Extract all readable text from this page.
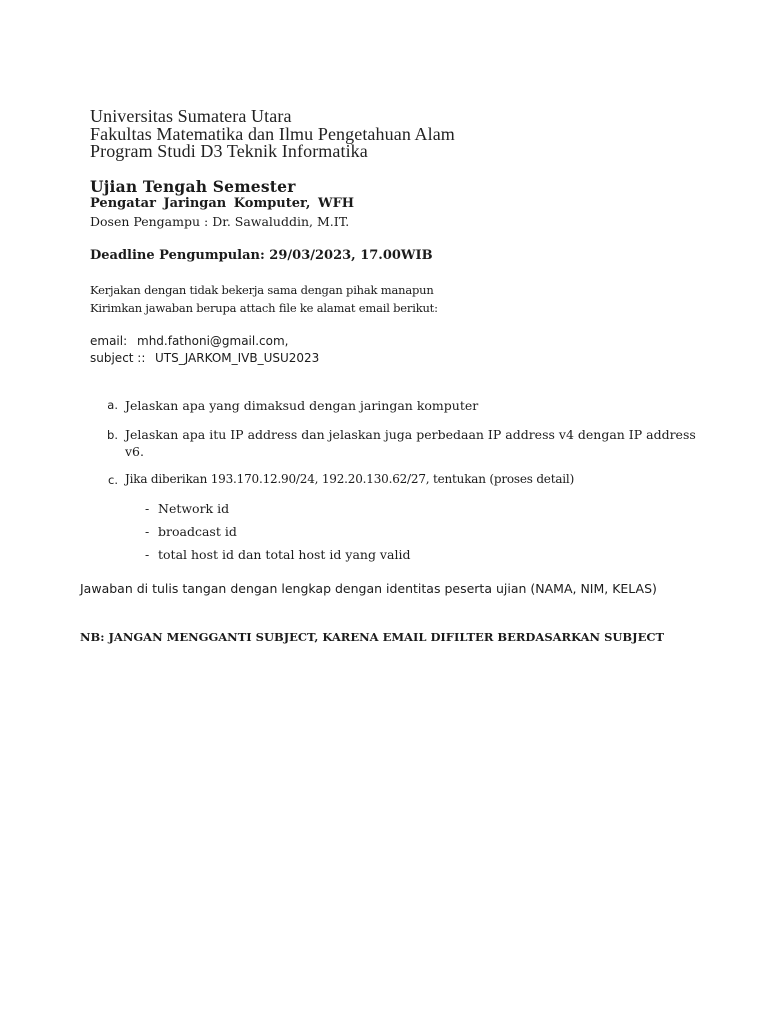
Universitas Sumatera Utara
Fakultas Matematika dan Ilmu Pengetahuan Alam
Program Studi D3 Teknik Informatika
Ujian Tengah Semester
Pengatar Jaringan Komputer, WFH
Dosen Pengampu : Dr. Sawaluddin, M.IT.
Deadline Pengumpulan: 29/03/2023, 17.00WIB
Kerjakan dengan tidak bekerja sama dengan pihak manapun
Kirimkan jawaban berupa attach file ke alamat email berikut:
email: mhd.fathoni@gmail.com,
subject :: UTS_JARKOM_IVB_USU2023
a. Jelaskan apa yang dimaksud dengan jaringan komputer
b. Jelaskan apa itu IP address dan jelaskan juga perbedaan IP address v4 dengan IP address v6.
c. Jika diberikan 193.170.12.90/24, 192.20.130.62/27, tentukan (proses detail)
- Network id
- broadcast id
- total host id dan total host id yang valid
Jawaban di tulis tangan dengan lengkap dengan identitas peserta ujian (NAMA, NIM, KELAS)
NB: JANGAN MENGGANTI SUBJECT, KARENA EMAIL DIFILTER BERDASARKAN SUBJECT
